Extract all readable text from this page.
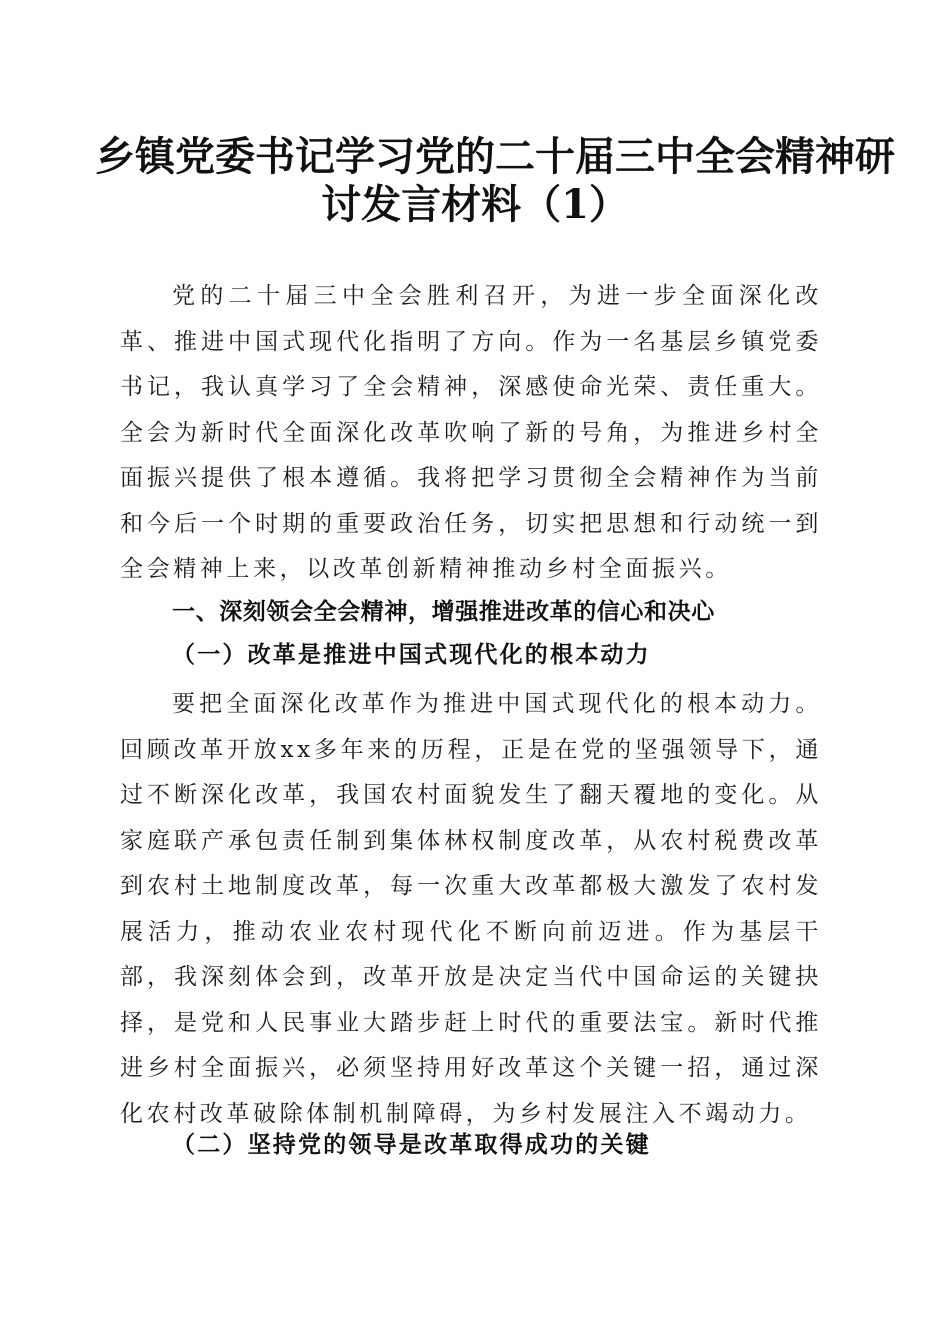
乡镇党委书记学习党的二十届三中全会精神研
讨发言材料（1）

党的二十届三中全会胜利召开，为进一步全面深化改革、推进中国式现代化指明了方向。作为一名基层乡镇党委书记，我认真学习了全会精神，深感使命光荣、责任重大。全会为新时代全面深化改革吹响了新的号角，为推进乡村全面振兴提供了根本遵循。我将把学习贯彻全会精神作为当前和今后一个时期的重要政治任务，切实把思想和行动统一到全会精神上来，以改革创新精神推动乡村全面振兴。

一、深刻领会全会精神，增强推进改革的信心和决心
（一）改革是推进中国式现代化的根本动力

要把全面深化改革作为推进中国式现代化的根本动力。回顾改革开放xx多年来的历程，正是在党的坚强领导下，通过不断深化改革，我国农村面貌发生了翻天覆地的变化。从家庭联产承包责任制到集体林权制度改革，从农村税费改革到农村土地制度改革，每一次重大改革都极大激发了农村发展活力，推动农业农村现代化不断向前迈进。作为基层干部，我深刻体会到，改革开放是决定当代中国命运的关键抉择，是党和人民事业大踏步赶上时代的重要法宝。新时代推进乡村全面振兴，必须坚持用好改革这个关键一招，通过深化农村改革破除体制机制障碍，为乡村发展注入不竭动力。

（二）坚持党的领导是改革取得成功的关键
